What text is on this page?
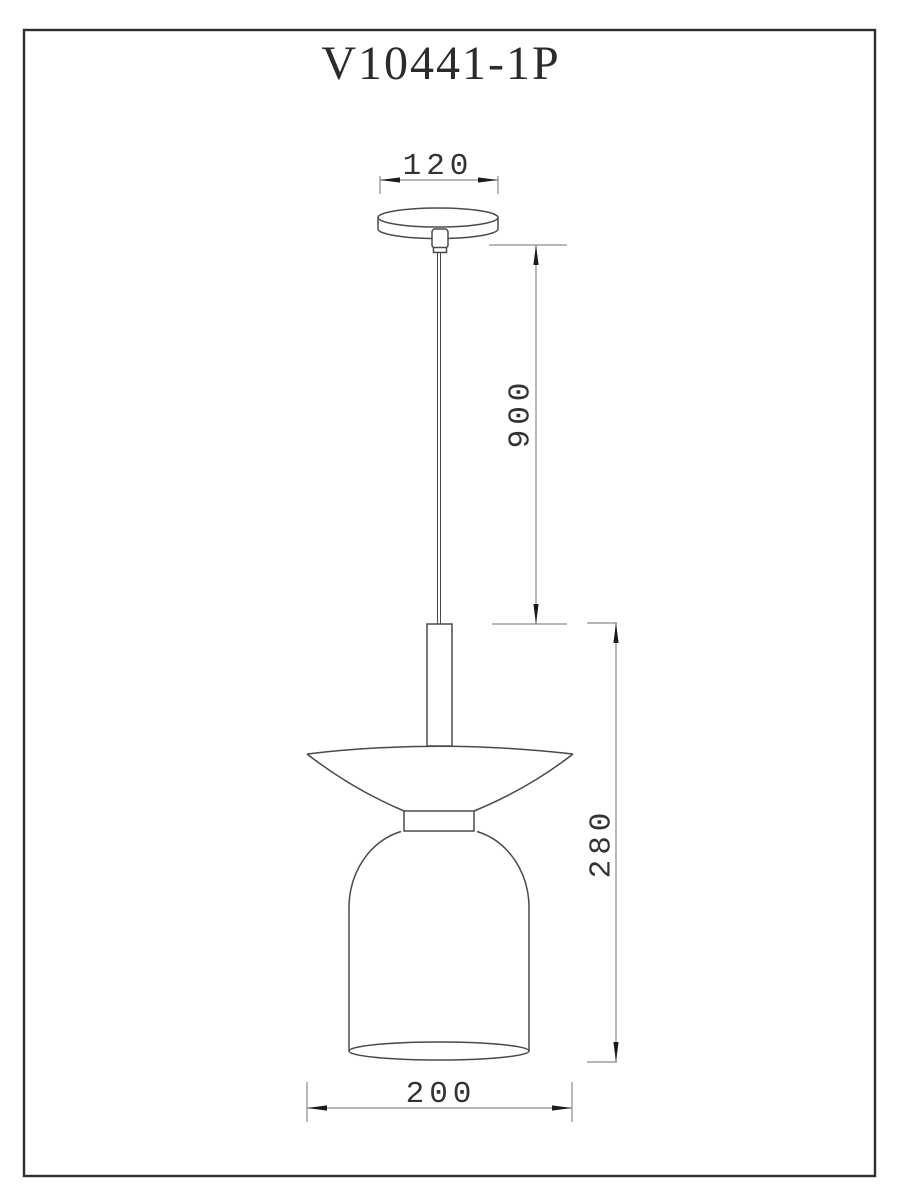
V10441-1P
120
900
280
200
